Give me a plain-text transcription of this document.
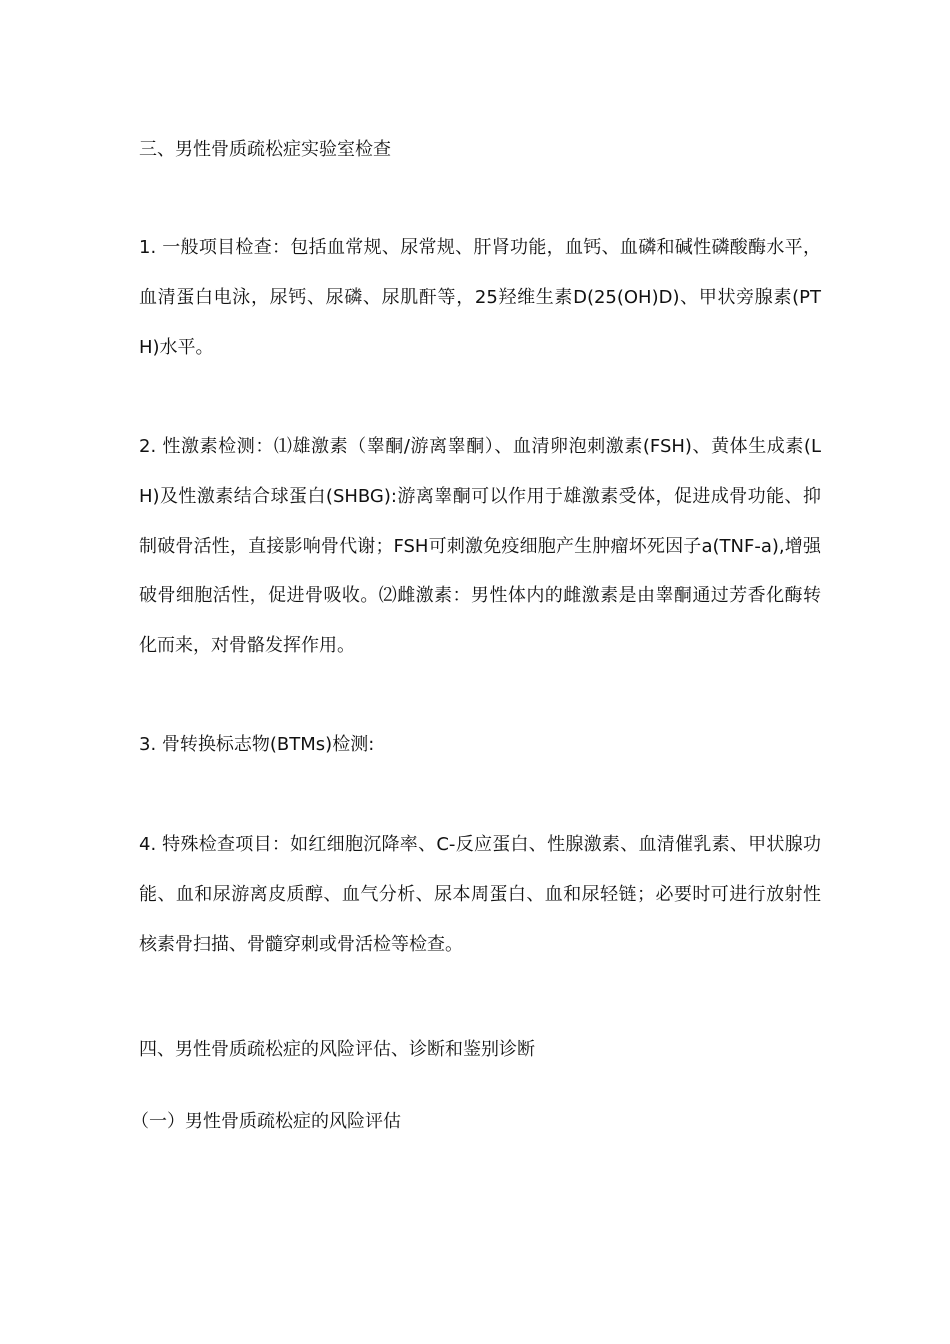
三、男性骨质疏松症实验室检查

1. 一般项目检查：包括血常规、尿常规、肝肾功能，血钙、血磷和碱性磷酸酶水平，血清蛋白电泳，尿钙、尿磷、尿肌酐等，25羟维生素D(25(OH)D)、甲状旁腺素(PTH)水平。

2. 性激素检测：⑴雄激素（睾酮/游离睾酮）、血清卵泡刺激素(FSH)、黄体生成素(LH)及性激素结合球蛋白(SHBG):游离睾酮可以作用于雄激素受体，促进成骨功能、抑制破骨活性，直接影响骨代谢；FSH可刺激免疫细胞产生肿瘤坏死因子a(TNF-a),增强破骨细胞活性，促进骨吸收。⑵雌激素：男性体内的雌激素是由睾酮通过芳香化酶转化而来，对骨骼发挥作用。

3. 骨转换标志物(BTMs)检测:

4. 特殊检查项目：如红细胞沉降率、C-反应蛋白、性腺激素、血清催乳素、甲状腺功能、血和尿游离皮质醇、血气分析、尿本周蛋白、血和尿轻链；必要时可进行放射性核素骨扫描、骨髓穿刺或骨活检等检查。

四、男性骨质疏松症的风险评估、诊断和鉴别诊断

（一）男性骨质疏松症的风险评估
